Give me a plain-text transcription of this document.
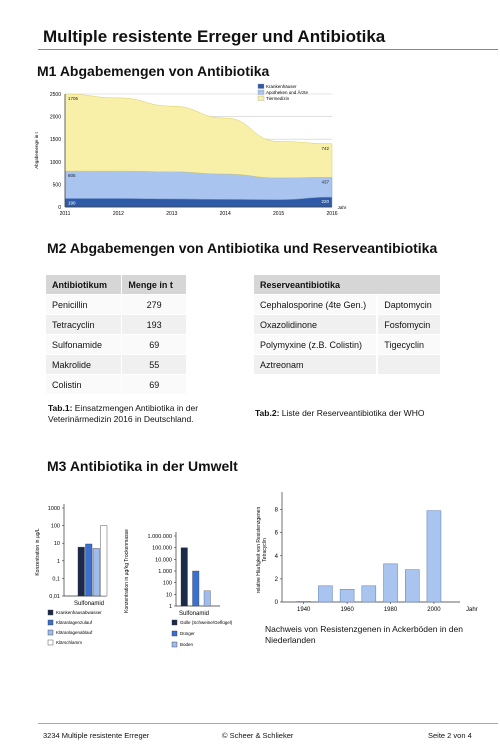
Multiple resistente Erreger und Antibiotika
M1 Abgabemengen von Antibiotika
0
500
1000
1500
2000
2500
2011	2012	2013	2014	2015	2016
Jahr
Abgabemenge in t
1706
742
605
437
190	220
Krankenhäuser
Apotheken und Ärzte
Tiermedizin
M2 Abgabemengen von Antibiotika und Reserveantibiotika
Antibiotikum	Menge in t
Penicillin	279
Tetracyclin	193
Sulfonamide	69
Makrolide	55
Colistin	69
Tab.1: Einsatzmengen Antibiotika in der Veterinärmedizin 2016 in Deutschland.
Reserveantibiotika	
Cephalosporine (4te Gen.)	Daptomycin
Oxazolidinone	Fosfomycin
Polymyxine (z.B. Colistin)	Tigecyclin
Aztreonam	
Tab.2: Liste der Reserveantibiotika der WHO
M3 Antibiotika in der Umwelt
0,01
0,1
1
10
100
1000
Konzentration in µg/L
Sulfonamid
Krankenhausabwasser
Kläranlagenzulauf
Kläranlagenablauf
Klärschlamm
1
10
100
1.000
10.000
100.000
1.000.000
Konzentration in µg/kg Trockenmasse
Sulfonamid
Gülle (Schweine/Geflügel)
Dünger
Boden
0
2
4
6
8
1940	1960	1980	2000	Jahr
relative Häufigkeit von Resistenzgenen Tetracyclin
Nachweis von Resistenzgenen in Ackerböden in den Niederlanden
3234 Multiple resistente Erreger	© Scheer & Schlieker	Seite 2 von 4
